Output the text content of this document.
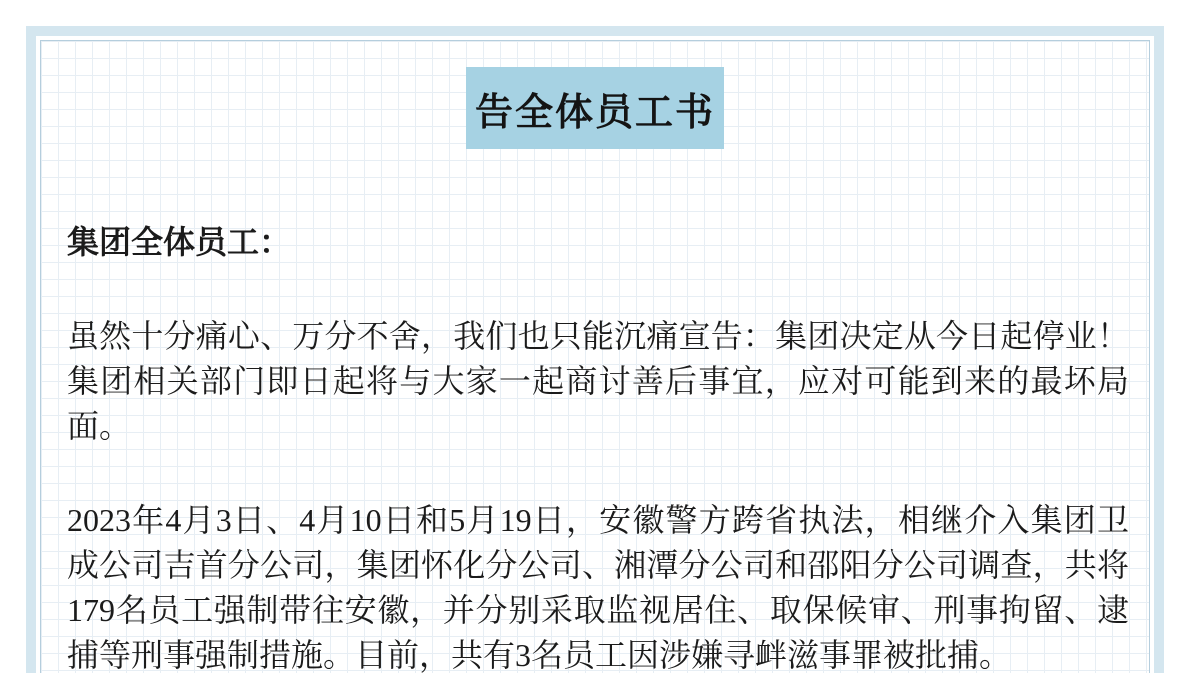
告全体员工书
集团全体员工：
虽然十分痛心、万分不舍，我们也只能沉痛宣告：集团决定从今日起停业！
集团相关部门即日起将与大家一起商讨善后事宜，应对可能到来的最坏局
面。
2023年4月3日、4月10日和5月19日，安徽警方跨省执法，相继介入集团卫
成公司吉首分公司，集团怀化分公司、湘潭分公司和邵阳分公司调查，共将
179名员工强制带往安徽，并分别采取监视居住、取保候审、刑事拘留、逮
捕等刑事强制措施。目前，共有3名员工因涉嫌寻衅滋事罪被批捕。
